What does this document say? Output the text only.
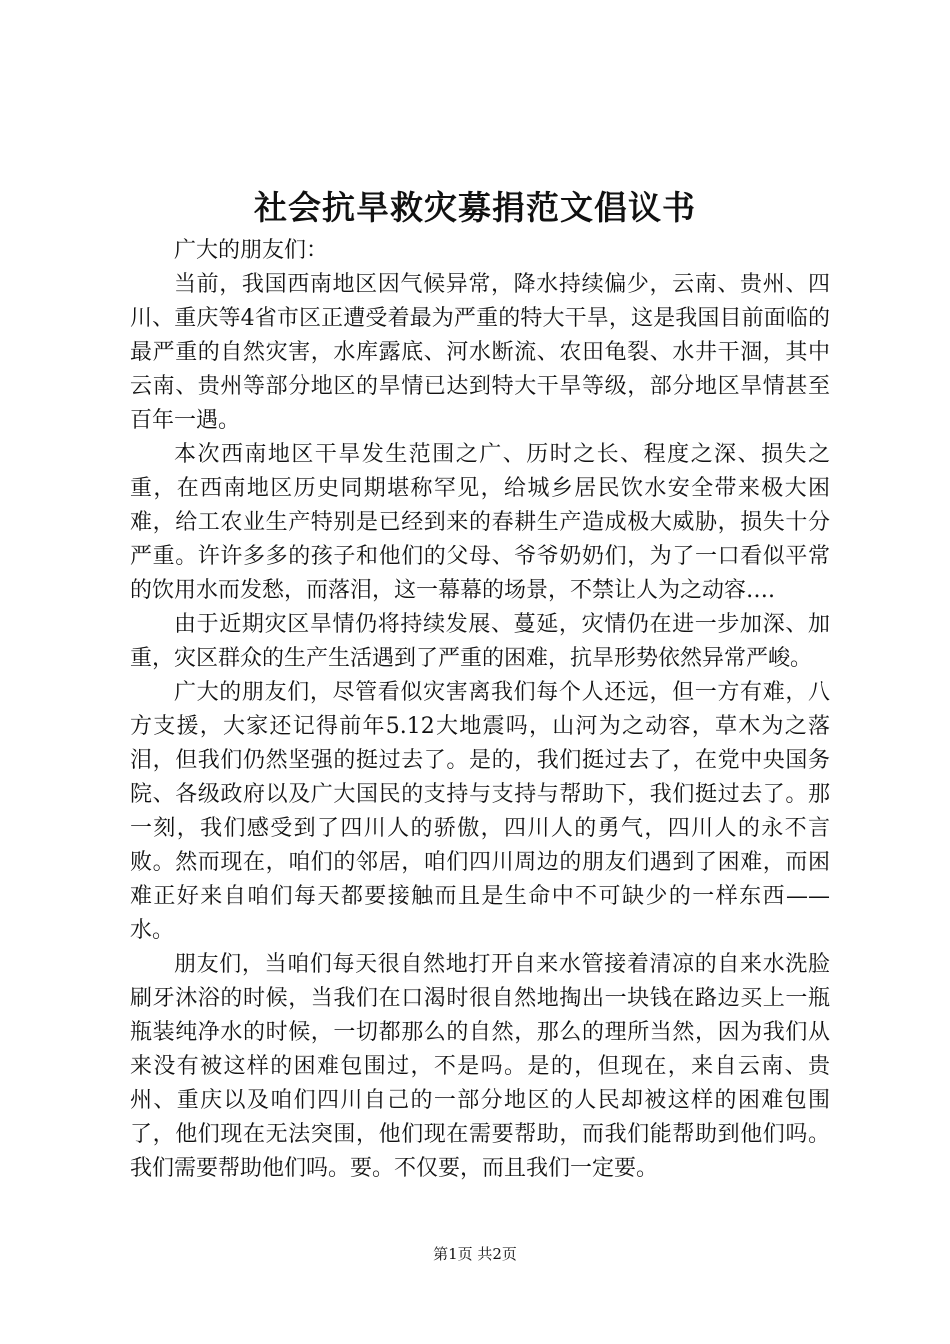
社会抗旱救灾募捐范文倡议书

广大的朋友们：

当前，我国西南地区因气候异常，降水持续偏少，云南、贵州、四川、重庆等4省市区正遭受着最为严重的特大干旱，这是我国目前面临的最严重的自然灾害，水库露底、河水断流、农田龟裂、水井干涸，其中云南、贵州等部分地区的旱情已达到特大干旱等级，部分地区旱情甚至百年一遇。

本次西南地区干旱发生范围之广、历时之长、程度之深、损失之重，在西南地区历史同期堪称罕见，给城乡居民饮水安全带来极大困难，给工农业生产特别是已经到来的春耕生产造成极大威胁，损失十分严重。许许多多的孩子和他们的父母、爷爷奶奶们，为了一口看似平常的饮用水而发愁，而落泪，这一幕幕的场景，不禁让人为之动容….

由于近期灾区旱情仍将持续发展、蔓延，灾情仍在进一步加深、加重，灾区群众的生产生活遇到了严重的困难，抗旱形势依然异常严峻。

广大的朋友们，尽管看似灾害离我们每个人还远，但一方有难，八方支援，大家还记得前年5.12大地震吗，山河为之动容，草木为之落泪，但我们仍然坚强的挺过去了。是的，我们挺过去了，在党中央国务院、各级政府以及广大国民的支持与支持与帮助下，我们挺过去了。那一刻，我们感受到了四川人的骄傲，四川人的勇气，四川人的永不言败。然而现在，咱们的邻居，咱们四川周边的朋友们遇到了困难，而困难正好来自咱们每天都要接触而且是生命中不可缺少的一样东西——水。

朋友们，当咱们每天很自然地打开自来水管接着清凉的自来水洗脸刷牙沐浴的时候，当我们在口渴时很自然地掏出一块钱在路边买上一瓶瓶装纯净水的时候，一切都那么的自然，那么的理所当然，因为我们从来没有被这样的困难包围过，不是吗。是的，但现在，来自云南、贵州、重庆以及咱们四川自己的一部分地区的人民却被这样的困难包围了，他们现在无法突围，他们现在需要帮助，而我们能帮助到他们吗。我们需要帮助他们吗。要。不仅要，而且我们一定要。

第1页 共2页
